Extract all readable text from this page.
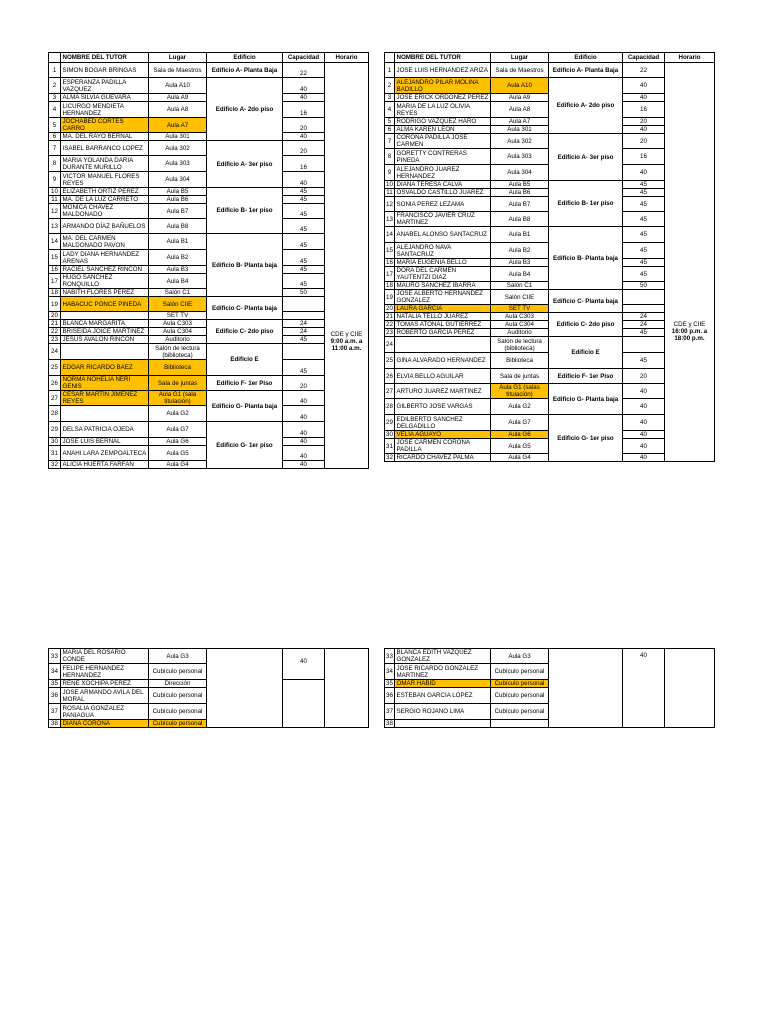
	NOMBRE DEL TUTOR	Lugar	Edificio	Capacidad	Horario
1	SIMON BOGAR BRINGAS	Sala de Maestros	Edificio A- Planta Baja	22	CDE y CIIE 9:00 a.m. a 11:00 a.m.
2	ESPERANZA PADILLA VAZQUEZ	Aula A10	Edificio A- 2do piso	40	
3	ALMA SILVIA GUEVARA	Aula A9		40	
4	LICURGO MENDIETA HERNANDEZ	Aula A8		16	
5	JOCHABED CORTES CARRO	Aula A7		20	
6	MA. DEL RAYO BERNAL	Aula 301		40	
7	ISABEL BARRANCO LOPEZ	Aula 302	Edificio A- 3er piso	20	
8	MARIA YOLANDA DARIA DURANTE MURILLO	Aula 303		16	
9	VICTOR MANUEL FLORES REYES	Aula 304		40	
10	ELIZABETH ORTIZ PEREZ	Aula B5	Edificio B- 1er piso	45	
11	MA. DE LA LUZ CARRETO	Aula B6		45	
12	MONICA CHAVEZ MALDONADO	Aula B7		45	
13	ARMANDO DÍAZ BAÑUELOS	Aula B8		45	
14	MA. DEL CARMEN MALDONADO PAVON	Aula B1	Edificio B- Planta baja	45	
15	LADY DIANA HERNANDEZ ARENAS	Aula B2		45	
16	RACIEL SANCHEZ RINCON	Aula B3		45	
17	HUGO SANCHEZ RONQUILLO	Aula B4		45	
18	NABITH FLORES PEREZ	Salón C1		50	
19	HABACUC PONCE PINEDA	Salón CIIE	Edificio C- Planta baja		
20		SET TV			
21	BLANCA MARGARITA	Aula C303	Edificio C- 2do piso	24	
22	BRISEIDA JOICE MARTINEZ	Aula C304		24	
23	JESUS AVALON RINCON	Auditorio		45	
24		Salón de lectura (biblioteca)	Edificio E		
25	EDGAR RICARDO BAEZ	Biblioteca		45	
26	NORMA NOHELIA NERI GENIS	Sala de juntas	Edificio F- 1er Piso	20	
27	CESAR MARTÍN JIMENEZ REYES	Aula G1 (sala titulación)	Edificio G- Planta baja	40	
28		Aula G2		40	
29	DELSA PATRICIA OJEDA	Aula G7	Edificio G- 1er piso	40	
30	JOSE LUIS BERNAL	Aula G6		40	
31	ANAHI LARA ZEMPOALTECA	Aula G5		40	
32	ALICIA HUERTA FARFAN	Aula G4		40	
	NOMBRE DEL TUTOR	Lugar	Edificio	Capacidad	Horario
1	JOSE LUIS HERNANDEZ ARIZA	Sala de Maestros	Edificio A- Planta Baja	22	CDE y CIIE 16:00 p.m. a 18:00 p.m.
2	ALEJANDRO PILAR MOLINA BADILLO	Aula A10	Edificio A- 2do piso	40	
3	JOSE ERICK ORDOÑEZ PEREZ	Aula A9		40	
4	MARIA DE LA LUZ OLIVIA REYES	Aula A8		16	
5	RODRIGO VAZQUEZ HARO	Aula A7		20	
6	ALMA KAREN LEON	Aula 301		40	
7	CORONA PADILLA JOSE CARMEN	Aula 302	Edificio A- 3er piso	20	
8	GORETTY CONTRERAS PINEDA	Aula 303		16	
9	ALEJANDRO JUAREZ HERNANDEZ	Aula 304		40	
10	DIANA TERESA CALVA	Aula B5	Edificio B- 1er piso	45	
11	OSVALDO CASTILLO JUAREZ	Aula B6		45	
12	SONIA PEREZ LEZAMA	Aula B7		45	
13	FRANCISCO JAVIER CRUZ MARTINEZ	Aula B8		45	
14	ANABEL ALONSO SANTACRUZ	Aula B1	Edificio B- Planta baja	45	
15	ALEJANDRO NAVA SANTACRUZ	Aula B2		45	
16	MARIA EUGENIA BELLO	Aula B3		45	
17	DORA DEL CARMEN YAUTENTZI DIAZ	Aula B4		45	
18	MAURO SANCHEZ IBARRA	Salón C1		50	
19	JOSE ALBERTO HERNANDEZ GONZALEZ	Salón CIIE	Edificio C- Planta baja		
20	LAURA GARCIA	SET TV			
21	NATALIA TELLO JUAREZ	Aula C303	Edificio C- 2do piso	24	
22	TOMAS ATONAL GUTIERREZ	Aula C304		24	
23	ROBERTO GARCIA PEREZ	Auditorio		45	
24		Salón de lectura (biblioteca)	Edificio E		
25	GINA ALVARADO HERNANDEZ	Biblioteca		45	
26	ELVIA BELLO AGUILAR	Sala de juntas	Edificio F- 1er Piso	20	
27	ARTURO JUAREZ MARTINEZ	Aula G1 (salas titulación)	Edificio G- Planta baja	40	
28	GILBERTO JOSE VARGAS	Aula G2		40	
29	EDILBERTO SANCHEZ DELGADILLO	Aula G7	Edificio G- 1er piso	40	
30	VELIA AGUAYO	Aula G6		40	
31	JOSE CARMEN CORONA PADILLA	Aula G5		40	
32	RICARDO CHAVEZ PALMA	Aula G4		40	
33	MARIA DEL ROSARIO CONDE	Aula G3		40	
34	FELIPE HERNANDEZ HERNANDEZ	Cubículo personal			
35	RENE XOCHIPA PEREZ	Dirección			
36	JOSE ARMANDO AVILA DEL MORAL	Cubículo personal			
37	ROSALIA GONZALEZ PANIAGUA	Cubículo personal			
38	DIANA CORONA	Cubículo personal			
33	BLANCA EDITH VAZQUEZ GONZALEZ	Aula G3		40	
34	JOSE RICARDO GONZALEZ MARTINEZ	Cubículo personal			
35	OMAR HABID	Cubículo personal			
36	ESTEBAN GARCIA LOPEZ	Cubículo personal			
37	SERGIO ROJANO LIMA	Cubículo personal			
38					
